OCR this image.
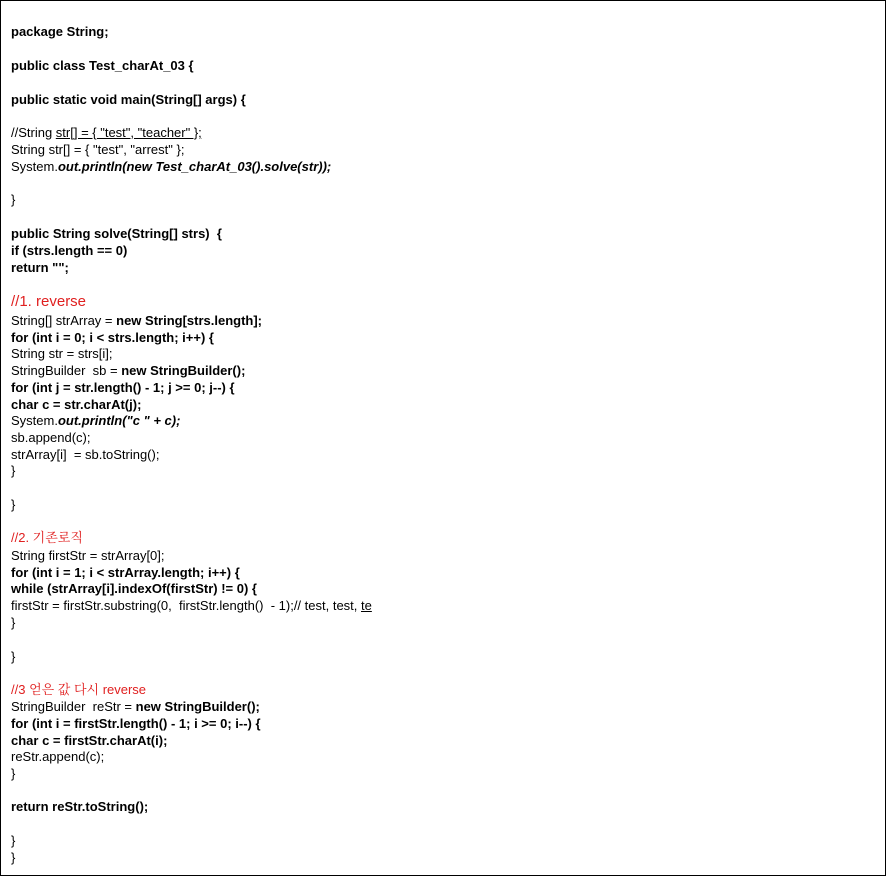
package String;
public class Test_charAt_03 {
public static void main(String[] args) {
//String str[] = { "test", "teacher" };
String str[] = { "test", "arrest" };
System.out.println(new Test_charAt_03().solve(str));
}
public String solve(String[] strs)  {
if (strs.length == 0)
return "";
//1. reverse
String[] strArray = new String[strs.length];
for (int i = 0; i < strs.length; i++) {
String str = strs[i];
StringBuilder  sb = new StringBuilder();
for (int j = str.length() - 1; j >= 0; j--) {
char c = str.charAt(j);
System.out.println("c " + c);
sb.append(c);
strArray[i]  = sb.toString();
}
}
//2. 기존로직
String firstStr = strArray[0];
for (int i = 1; i < strArray.length; i++) {
while (strArray[i].indexOf(firstStr) != 0) {
firstStr = firstStr.substring(0,  firstStr.length()  - 1);// test, test, te
}
}
//3 얻은 값 다시 reverse
StringBuilder  reStr = new StringBuilder();
for (int i = firstStr.length() - 1; i >= 0; i--) {
char c = firstStr.charAt(i);
reStr.append(c);
}
return reStr.toString();
}
}
